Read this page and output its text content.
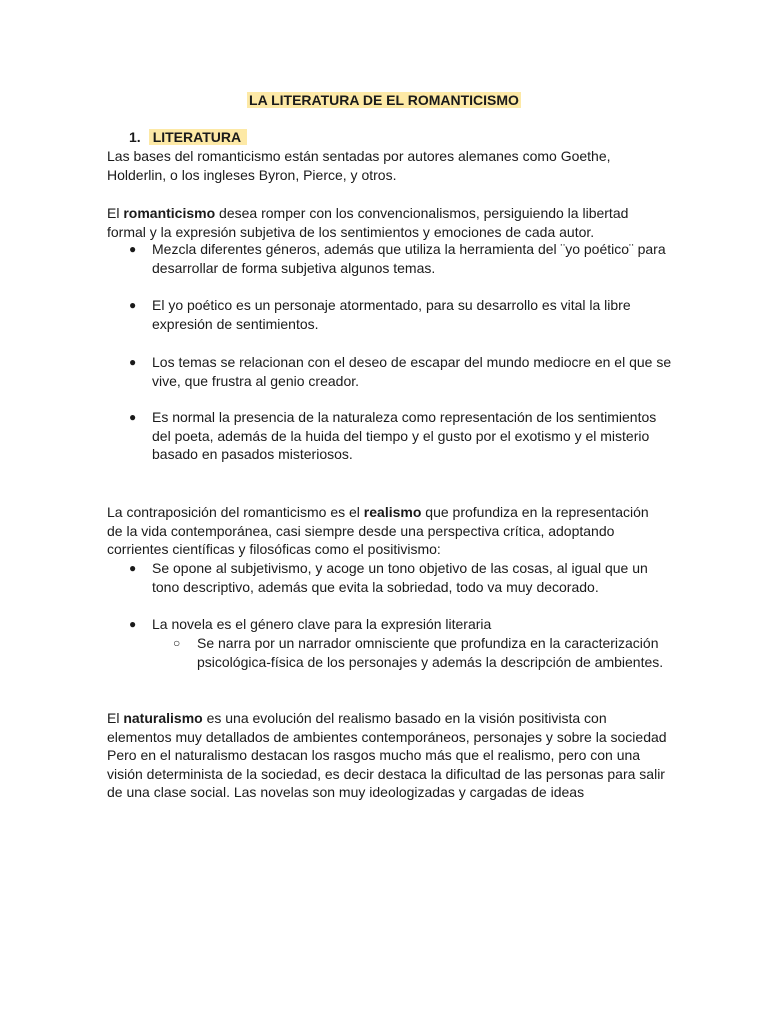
LA LITERATURA DE EL ROMANTICISMO
1. LITERATURA
Las bases del romanticismo están sentadas por autores alemanes como Goethe, Holderlin, o los ingleses Byron, Pierce, y otros.
El romanticismo desea romper con los convencionalismos, persiguiendo la libertad formal y la expresión subjetiva de los sentimientos y emociones de cada autor.
● Mezcla diferentes géneros, además que utiliza la herramienta del ¨yo poético¨ para desarrollar de forma subjetiva algunos temas.
● El yo poético es un personaje atormentado, para su desarrollo es vital la libre expresión de sentimientos.
● Los temas se relacionan con el deseo de escapar del mundo mediocre en el que se vive, que frustra al genio creador.
● Es normal la presencia de la naturaleza como representación de los sentimientos del poeta, además de la huida del tiempo y el gusto por el exotismo y el misterio basado en pasados misteriosos.
La contraposición del romanticismo es el realismo que profundiza en la representación de la vida contemporánea, casi siempre desde una perspectiva crítica, adoptando corrientes científicas y filosóficas como el positivismo:
● Se opone al subjetivismo, y acoge un tono objetivo de las cosas, al igual que un tono descriptivo, además que evita la sobriedad, todo va muy decorado.
● La novela es el género clave para la expresión literaria
○ Se narra por un narrador omnisciente que profundiza en la caracterización psicológica-física de los personajes y además la descripción de ambientes.
El naturalismo es una evolución del realismo basado en la visión positivista con elementos muy detallados de ambientes contemporáneos, personajes y sobre la sociedad Pero en el naturalismo destacan los rasgos mucho más que el realismo, pero con una visión determinista de la sociedad, es decir destaca la dificultad de las personas para salir de una clase social. Las novelas son muy ideologizadas y cargadas de ideas
